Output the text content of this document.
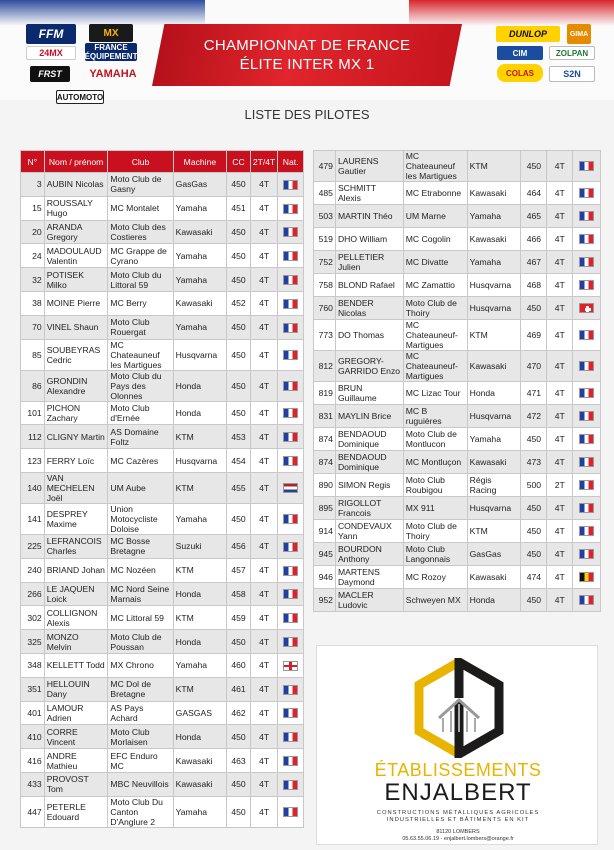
FFM	MX
24MX	FRANCE ÉQUIPEMENT
FRST	YAMAHA
AUTOMOTO
CHAMPIONNAT DE FRANCE
ÉLITE INTER MX 1
DUNLOP	GIMA
CIM	ZOLPAN
COLAS	S2N
LISTE DES PILOTES
N°	Nom / prénom	Club	Machine	CC	2T/4T	Nat.
3	AUBIN Nicolas	Moto Club de Gasny	GasGas	450	4T	
15	ROUSSALY Hugo	MC Montalet	Yamaha	451	4T	
20	ARANDA Gregory	Moto Club des Costieres	Kawasaki	450	4T	
24	MADOULAUD Valentin	MC Grappe de Cyrano	Yamaha	450	4T	
32	POTISEK Milko	Moto Club du Littoral 59	Yamaha	450	4T	
38	MOINE Pierre	MC Berry	Kawasaki	452	4T	
70	VINEL Shaun	Moto Club Rouergat	Yamaha	450	4T	
85	SOUBEYRAS Cedric	MC Chateauneuf les Martigues	Husqvarna	450	4T	
86	GRONDIN Alexandre	Moto Club du Pays des Olonnes	Honda	450	4T	
101	PICHON Zachary	Moto Club d'Ernée	Honda	450	4T	
112	CLIGNY Martin	AS Domaine Foltz	KTM	453	4T	
123	FERRY Loïc	MC Cazères	Husqvarna	454	4T	
140	VAN MECHELEN Joël	UM Aube	KTM	455	4T	
141	DESPREY Maxime	Union Motocycliste Doloise	Yamaha	450	4T	
225	LEFRANCOIS Charles	MC Bosse Bretagne	Suzuki	456	4T	
240	BRIAND Johan	MC Nozéen	KTM	457	4T	
266	LE JAQUEN Loick	MC Nord Seine Marnais	Honda	458	4T	
302	COLLIGNON Alexis	MC Littoral 59	KTM	459	4T	
325	MONZO Melvin	Moto Club de Poussan	Honda	450	4T	
348	KELLETT Todd	MX Chrono	Yamaha	460	4T	
351	HELLOUIN Dany	MC Dol de Bretagne	KTM	461	4T	
401	LAMOUR Adrien	AS Pays Achard	GASGAS	462	4T	
410	CORRE Vincent	Moto Club Morlaisen	Honda	450	4T	
416	ANDRE Mathieu	EFC Enduro MC	Kawasaki	463	4T	
433	PROVOST Tom	MBC Neuvillois	Kawasaki	450	4T	
447	PETERLE Edouard	Moto Club Du Canton D'Anglure 2	Yamaha	450	4T	
479	LAURENS Gautier	MC Chateauneuf les Martigues	KTM	450	4T	
485	SCHMITT Alexis	MC Etrabonne	Kawasaki	464	4T	
503	MARTIN Théo	UM Marne	Yamaha	465	4T	
519	DHO William	MC Cogolin	Kawasaki	466	4T	
752	PELLETIER Julien	MC Divatte	Yamaha	467	4T	
758	BLOND Rafael	MC Zamattio	Husqvarna	468	4T	
760	BENDER Nicolas	Moto Club de Thoiry	Husqvarna	450	4T	
773	DO Thomas	MC Chateauneuf-Martigues	KTM	469	4T	
812	GREGORY-GARRIDO Enzo	MC Chateauneuf-Martigues	Kawasaki	470	4T	
819	BRUN Guillaume	MC Lizac Tour	Honda	471	4T	
831	MAYLIN Brice	MC B ruguières	Husqvarna	472	4T	
874	BENDAOUD Dominique	Moto Club de Montlucon	Yamaha	450	4T	
874	BENDAOUD Dominique	MC Montluçon	Kawasaki	473	4T	
890	SIMON Regis	Moto Club Roubigou	Régis Racing	500	2T	
895	RIGOLLOT Francois	MX 911	Husqvarna	450	4T	
914	CONDEVAUX Yann	Moto Club de Thoiry	KTM	450	4T	
945	BOURDON Anthony	Moto Club Langonnais	GasGas	450	4T	
946	MARTENS Daymond	MC Rozoy	Kawasaki	474	4T	
952	MACLER Ludovic	Schweyen MX	Honda	450	4T	
ÉTABLISSEMENTS
ENJALBERT
CONSTRUCTIONS MÉTALLIQUES AGRICOLES INDUSTRIELLES ET BÂTIMENTS EN KIT
81120 LOMBERS
05.63.55.06.19 - enjalbert.lombers@orange.fr
